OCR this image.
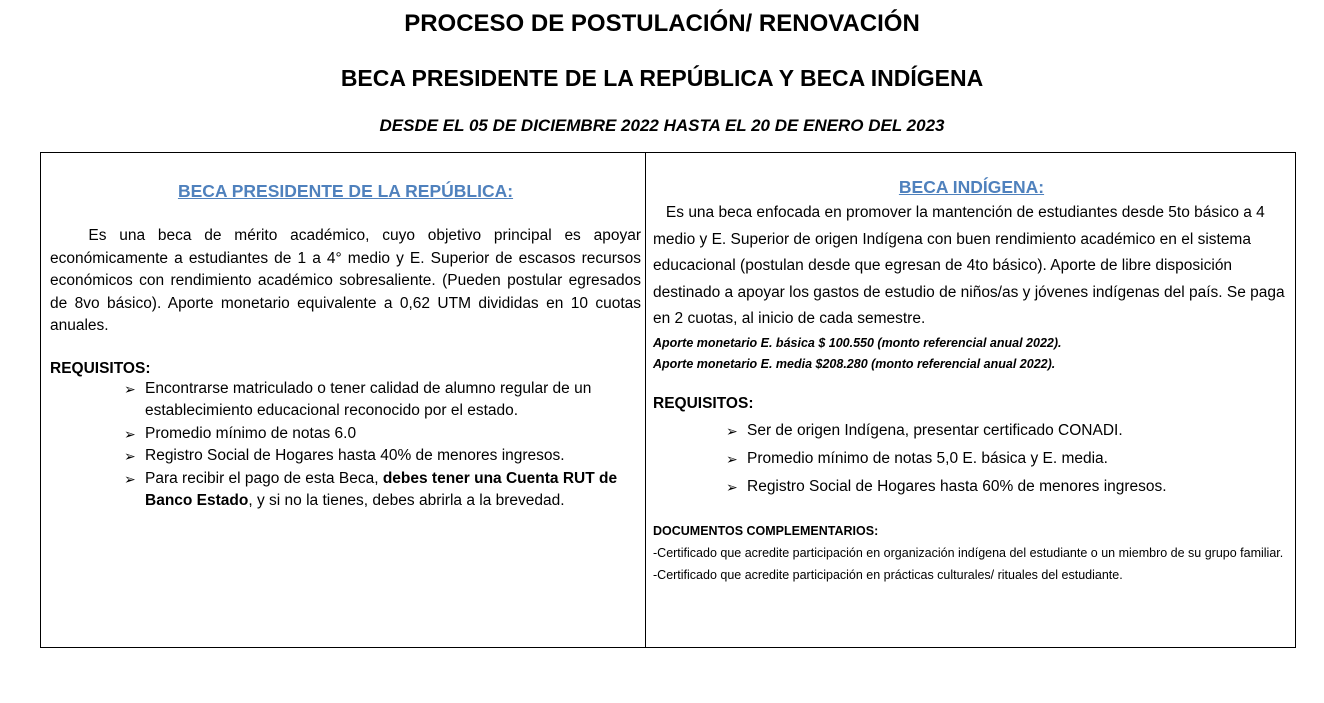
PROCESO DE POSTULACIÓN/ RENOVACIÓN
BECA PRESIDENTE DE LA REPÚBLICA Y BECA INDÍGENA
DESDE EL 05 DE DICIEMBRE 2022 HASTA EL 20 DE ENERO DEL 2023
BECA PRESIDENTE DE LA REPÚBLICA:
Es una beca de mérito académico, cuyo objetivo principal es apoyar económicamente a estudiantes de 1 a 4° medio y E. Superior de escasos recursos económicos con rendimiento académico sobresaliente. (Pueden postular egresados de 8vo básico). Aporte monetario equivalente a 0,62 UTM divididas en 10 cuotas anuales.
REQUISITOS:
➢ Encontrarse matriculado o tener calidad de alumno regular de un establecimiento educacional reconocido por el estado.
➢ Promedio mínimo de notas 6.0
➢ Registro Social de Hogares hasta 40% de menores ingresos.
➢ Para recibir el pago de esta Beca, debes tener una Cuenta RUT de Banco Estado, y si no la tienes, debes abrirla a la brevedad.
BECA INDÍGENA:
Es una beca enfocada en promover la mantención de estudiantes desde 5to básico a 4 medio y E. Superior de origen Indígena con buen rendimiento académico en el sistema educacional (postulan desde que egresan de 4to básico). Aporte de libre disposición destinado a apoyar los gastos de estudio de niños/as y jóvenes indígenas del país. Se paga en 2 cuotas, al inicio de cada semestre.
Aporte monetario E. básica $ 100.550 (monto referencial anual 2022).
Aporte monetario E. media $208.280 (monto referencial anual 2022).
REQUISITOS:
➢ Ser de origen Indígena, presentar certificado CONADI.
➢ Promedio mínimo de notas 5,0 E. básica y E. media.
➢ Registro Social de Hogares hasta 60% de menores ingresos.
DOCUMENTOS COMPLEMENTARIOS:
-Certificado que acredite participación en organización indígena del estudiante o un miembro de su grupo familiar.
-Certificado que acredite participación en prácticas culturales/ rituales del estudiante.
